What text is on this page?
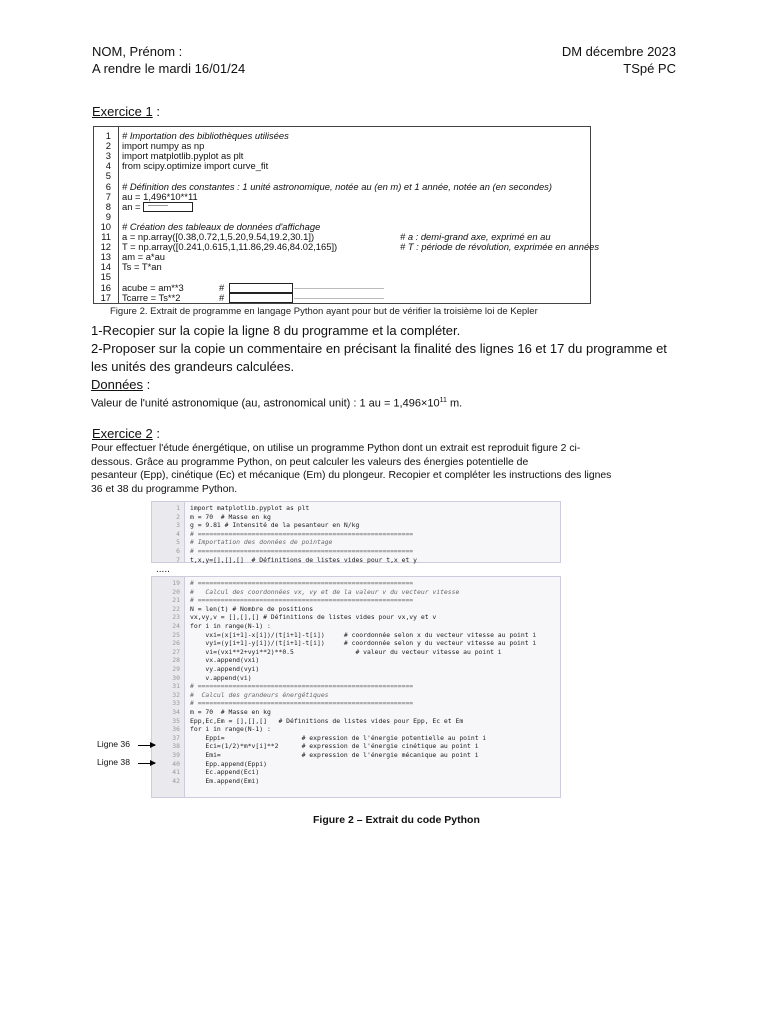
NOM, Prénom :
A rendre le mardi 16/01/24
DM décembre 2023
TSpé PC
Exercice 1 :
1 # Importation des bibliothèques utilisées
2 import numpy as np
3 import matplotlib.pyplot as plt
4 from scipy.optimize import curve_fit
5
6 # Définition des constantes : 1 unité astronomique, notée au (en m) et 1 année, notée an (en secondes)
7 au = 1,496*10**11
8 an =
9
10 # Création des tableaux de données d'affichage
11 a = np.array([0.38,0.72,1,5.20,9.54,19.2,30.1])	# a : demi-grand axe, exprimé en au
12 T = np.array([0.241,0.615,1,11.86,29.46,84.02,165])	# T : période de révolution, exprimée en années
13 am = a*au
14 Ts = T*an
15
16 acube = am**3	#
17 Tcarre = Ts**2	#
Figure 2. Extrait de programme en langage Python ayant pour but de vérifier la troisième loi de Kepler
1-Recopier sur la copie la ligne 8 du programme et la compléter.
2-Proposer sur la copie un commentaire en précisant la finalité des lignes 16 et 17 du programme et
les unités des grandeurs calculées.
Données :
Valeur de l'unité astronomique (au, astronomical unit) : 1 au = $1,496\times 10^{11}$ m.
Exercice 2 :
Pour effectuer l'étude énergétique, on utilise un programme Python dont un extrait est reproduit figure 2 ci-
dessous. Grâce au programme Python, on peut calculer les valeurs des énergies potentielle de
pesanteur (Epp), cinétique (Ec) et mécanique (Em) du plongeur. Recopier et compléter les instructions des lignes
36 et 38 du programme Python.
1 import matplotlib.pyplot as plt
2 m = 70  # Masse en kg
3 g = 9.81 # Intensité de la pesanteur en N/kg
4 # ========================================================
5 # Importation des données de pointage
6 # ========================================================
7 t,x,y=[],[],[]  # Définitions de listes vides pour t,x et y
19 # ========================================================
20 #   Calcul des coordonnées vx, vy et de la valeur v du vecteur vitesse
21 # ========================================================
22 N = len(t) # Nombre de positions
23 vx,vy,v = [],[],[] # Définitions de listes vides pour vx,vy et v
24 for i in range(N-1) :
25 vxi=(x[i+1]-x[i])/(t[i+1]-t[i])     # coordonnée selon x du vecteur vitesse au point i
26 vyi=(y[i+1]-y[i])/(t[i+1]-t[i])     # coordonnée selon y du vecteur vitesse au point i
27 vi=(vxi**2+vyi**2)**0.5                # valeur du vecteur vitesse au point i
28 vx.append(vxi)
29 vy.append(vyi)
30 v.append(vi)
31 # ========================================================
32 #  Calcul des grandeurs énergétiques
33 # ========================================================
34 m = 70  # Masse en kg
35 Epp,Ec,Em = [],[],[]   # Définitions de listes vides pour Epp, Ec et Em
36 for i in range(N-1) :
37 Eppi=                    # expression de l'énergie potentielle au point i
38 Eci=(1/2)*m*v[i]**2      # expression de l'énergie cinétique au point i
39 Emi=                     # expression de l'énergie mécanique au point i
40 Epp.append(Eppi)
41 Ec.append(Eci)
42 Em.append(Emi)
.....
Ligne 36
Ligne 38
Figure 2 – Extrait du code Python
